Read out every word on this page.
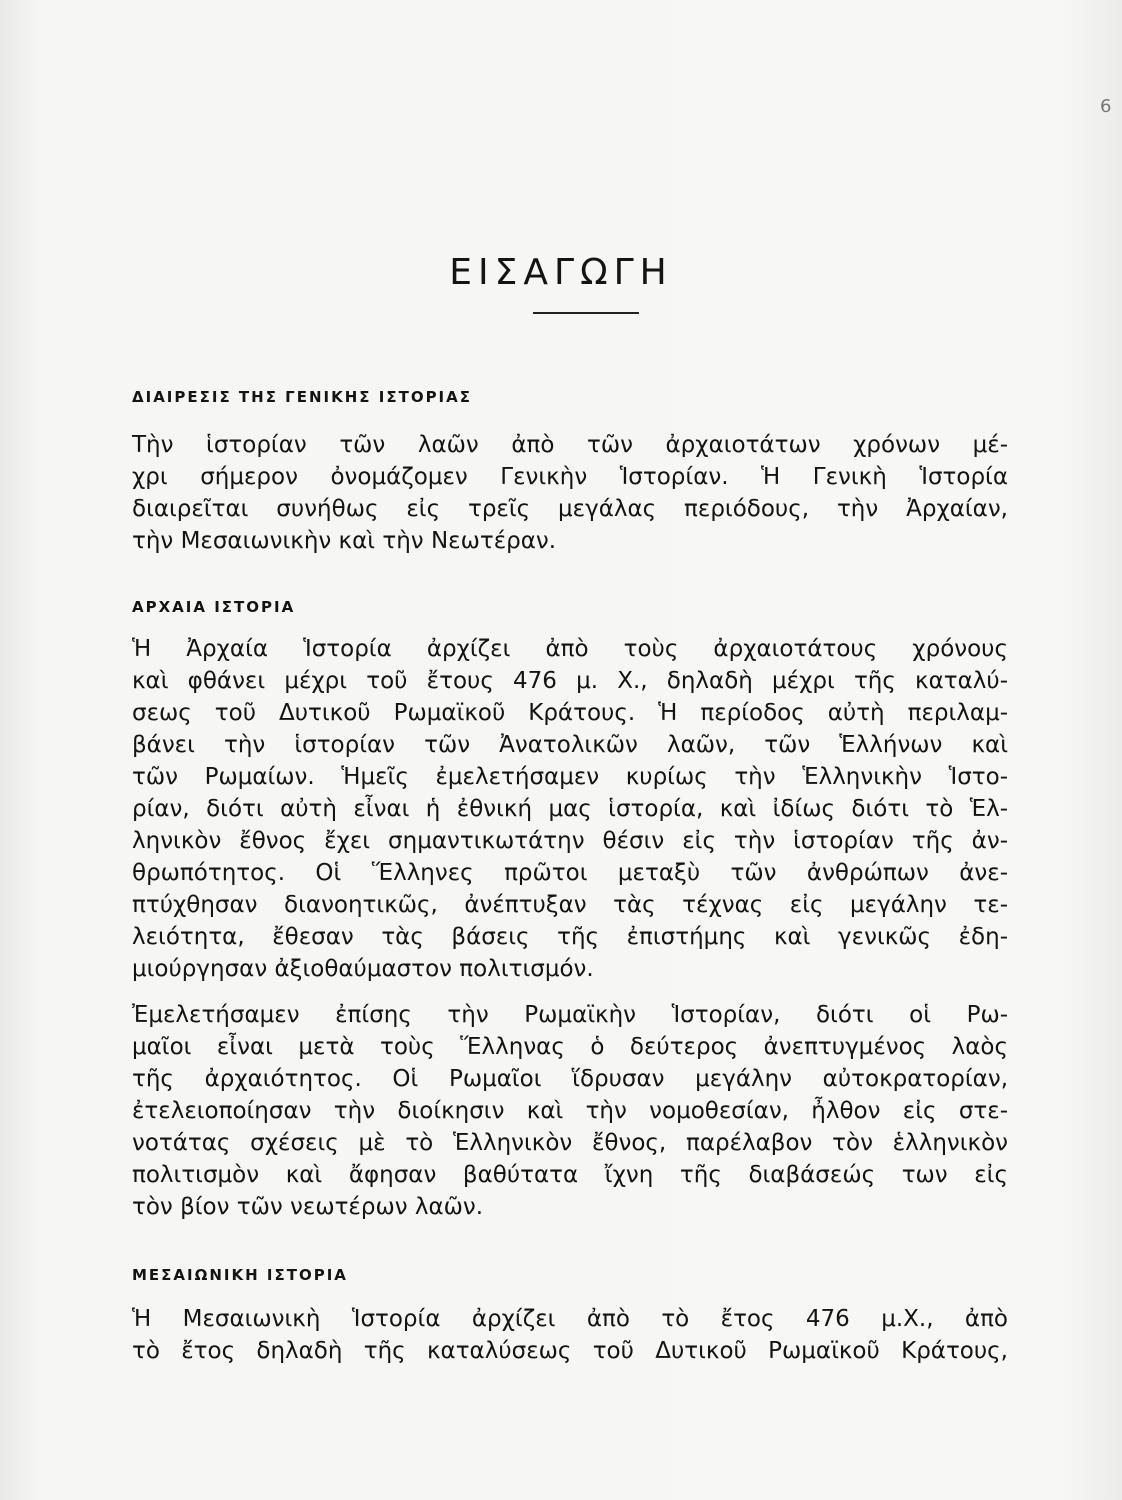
6
ΕΙΣΑΓΩΓΗ
ΔΙΑΙΡΕΣΙΣ ΤΗΣ ΓΕΝΙΚΗΣ ΙΣΤΟΡΙΑΣ
Τὴν ἱστορίαν τῶν λαῶν ἀπὸ τῶν ἀρχαιοτάτων χρόνων μέ-
χρι σήμερον ὀνομάζομεν Γενικὴν Ἱστορίαν. Ἡ Γενικὴ Ἱστορία
διαιρεῖται συνήθως εἰς τρεῖς μεγάλας περιόδους, τὴν Ἀρχαίαν,
τὴν Μεσαιωνικὴν καὶ τὴν Νεωτέραν.
ΑΡΧΑΙΑ ΙΣΤΟΡΙΑ
Ἡ Ἀρχαία Ἱστορία ἀρχίζει ἀπὸ τοὺς ἀρχαιοτάτους χρόνους
καὶ φθάνει μέχρι τοῦ ἔτους 476 μ. Χ., δηλαδὴ μέχρι τῆς καταλύ-
σεως τοῦ Δυτικοῦ Ρωμαϊκοῦ Κράτους. Ἡ περίοδος αὐτὴ περιλαμ-
βάνει τὴν ἱστορίαν τῶν Ἀνατολικῶν λαῶν, τῶν Ἑλλήνων καὶ
τῶν Ρωμαίων. Ἡμεῖς ἐμελετήσαμεν κυρίως τὴν Ἑλληνικὴν Ἱστο-
ρίαν, διότι αὐτὴ εἶναι ἡ ἐθνική μας ἱστορία, καὶ ἰδίως διότι τὸ Ἑλ-
ληνικὸν ἔθνος ἔχει σημαντικωτάτην θέσιν εἰς τὴν ἱστορίαν τῆς ἀν-
θρωπότητος. Οἱ Ἕλληνες πρῶτοι μεταξὺ τῶν ἀνθρώπων ἀνε-
πτύχθησαν διανοητικῶς, ἀνέπτυξαν τὰς τέχνας εἰς μεγάλην τε-
λειότητα, ἔθεσαν τὰς βάσεις τῆς ἐπιστήμης καὶ γενικῶς ἐδη-
μιούργησαν ἀξιοθαύμαστον πολιτισμόν.
Ἐμελετήσαμεν ἐπίσης τὴν Ρωμαϊκὴν Ἱστορίαν, διότι οἱ Ρω-
μαῖοι εἶναι μετὰ τοὺς Ἕλληνας ὁ δεύτερος ἀνεπτυγμένος λαὸς
τῆς ἀρχαιότητος. Οἱ Ρωμαῖοι ἵδρυσαν μεγάλην αὐτοκρατορίαν,
ἐτελειοποίησαν τὴν διοίκησιν καὶ τὴν νομοθεσίαν, ἦλθον εἰς στε-
νοτάτας σχέσεις μὲ τὸ Ἑλληνικὸν ἔθνος, παρέλαβον τὸν ἑλληνικὸν
πολιτισμὸν καὶ ἄφησαν βαθύτατα ἴχνη τῆς διαβάσεώς των εἰς
τὸν βίον τῶν νεωτέρων λαῶν.
ΜΕΣΑΙΩΝΙΚΗ ΙΣΤΟΡΙΑ
Ἡ Μεσαιωνικὴ Ἱστορία ἀρχίζει ἀπὸ τὸ ἔτος 476 μ.Χ., ἀπὸ
τὸ ἔτος δηλαδὴ τῆς καταλύσεως τοῦ Δυτικοῦ Ρωμαϊκοῦ Κράτους,
